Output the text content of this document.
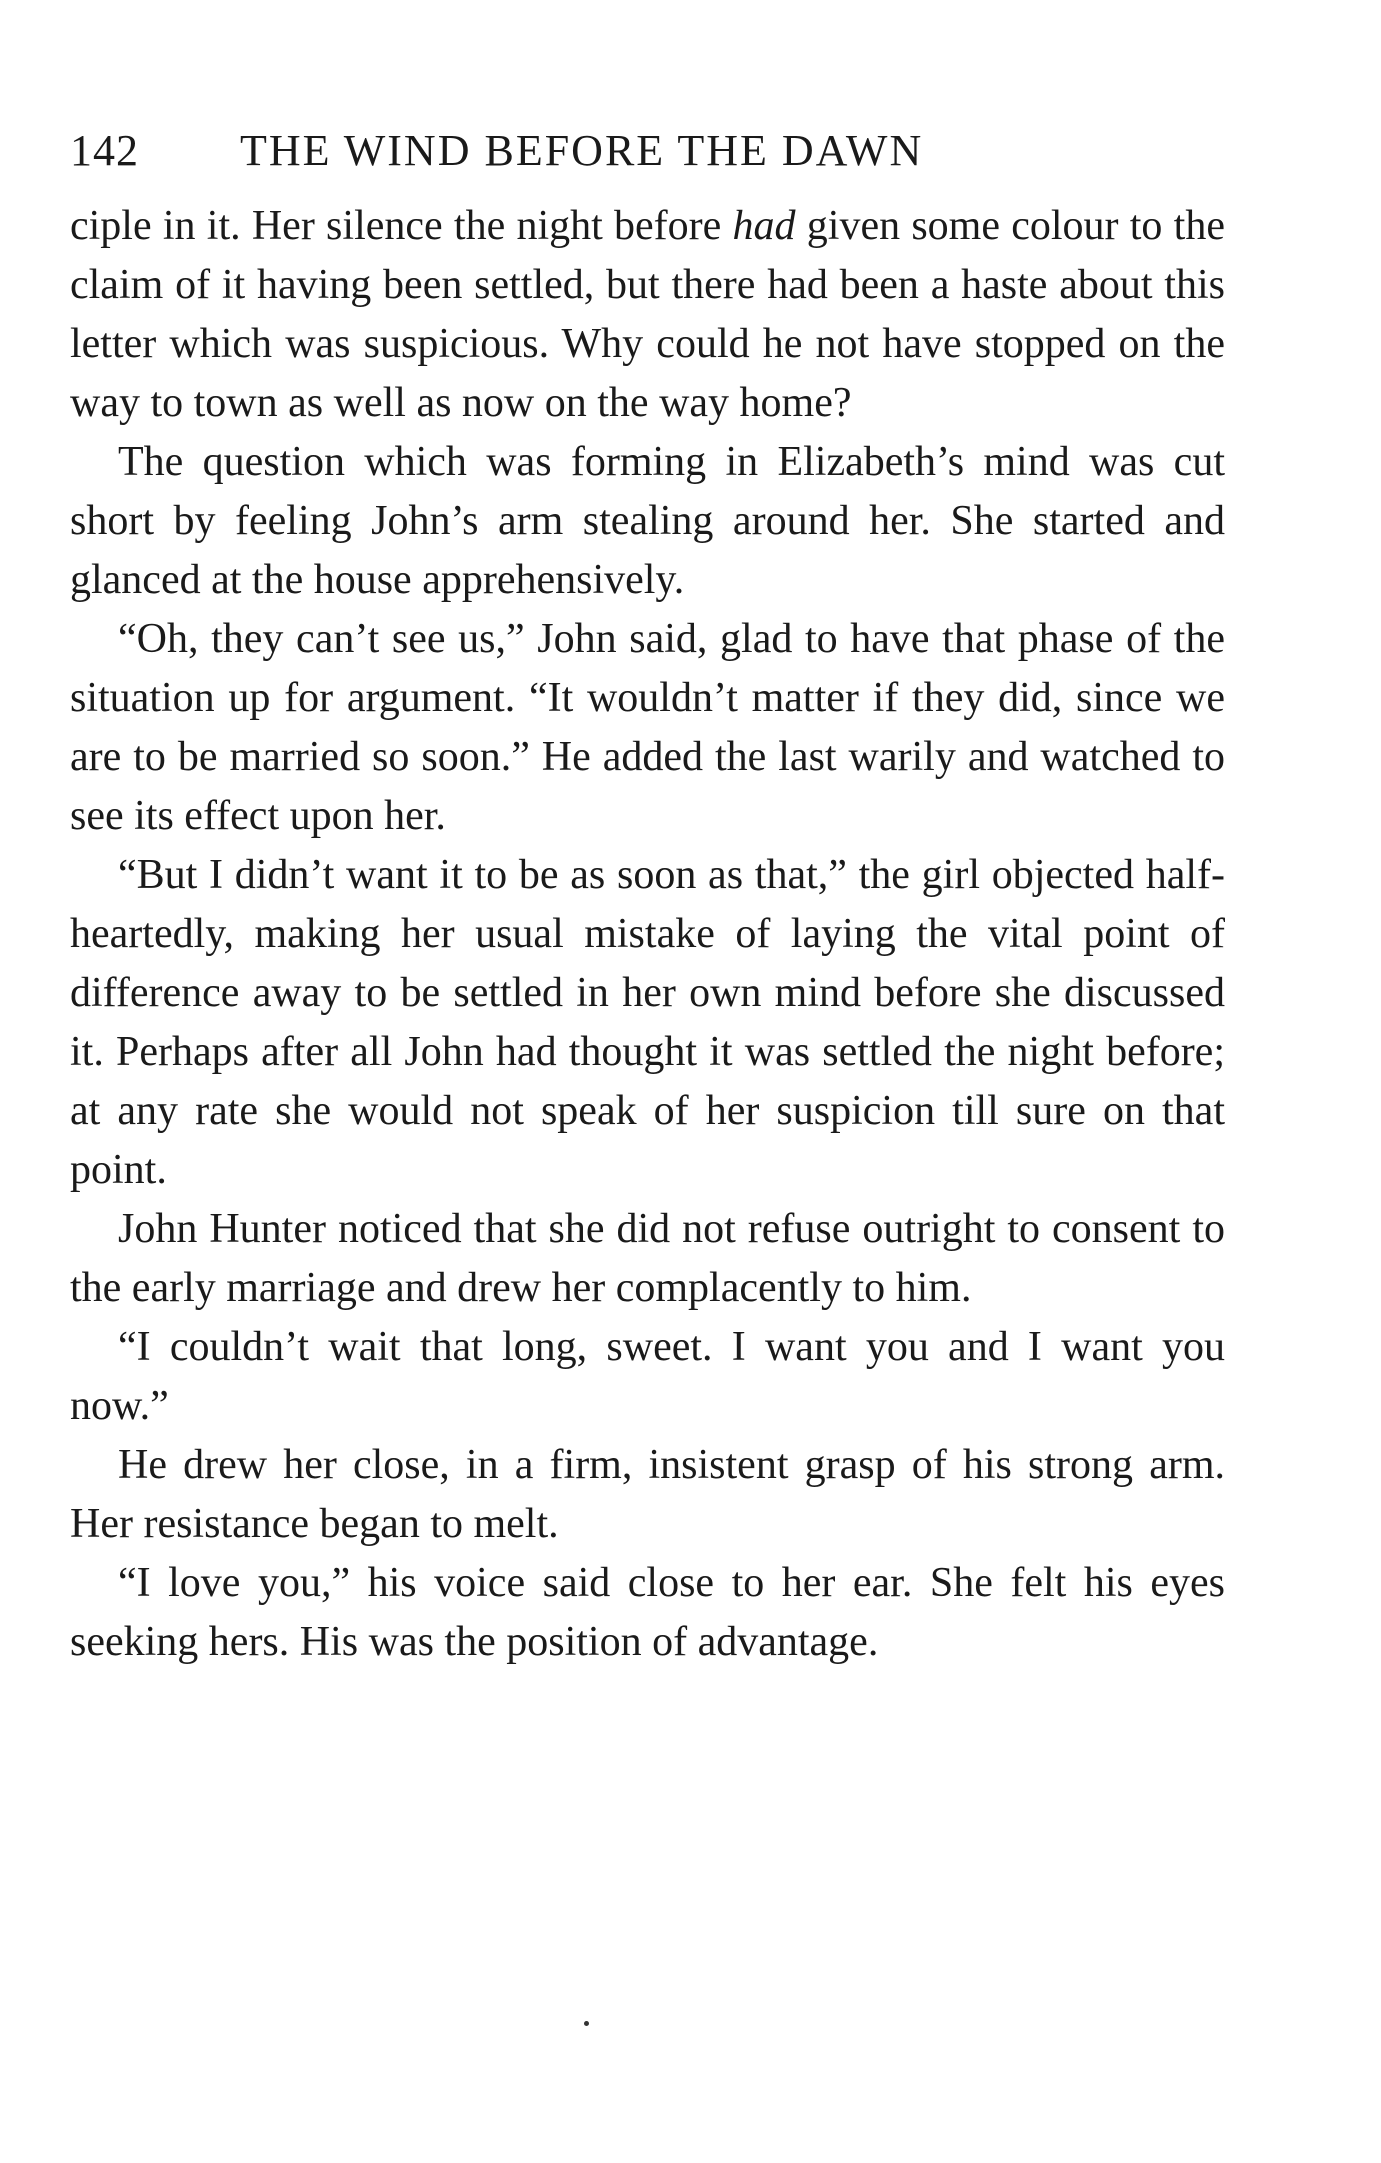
142	THE WIND BEFORE THE DAWN

ciple in it. Her silence the night before had given some colour to the claim of it having been settled, but there had been a haste about this letter which was suspicious. Why could he not have stopped on the way to town as well as now on the way home?

The question which was forming in Elizabeth’s mind was cut short by feeling John’s arm stealing around her. She started and glanced at the house apprehensively.

“Oh, they can’t see us,” John said, glad to have that phase of the situation up for argument. “It wouldn’t matter if they did, since we are to be married so soon.” He added the last warily and watched to see its effect upon her.

“But I didn’t want it to be as soon as that,” the girl objected half-heartedly, making her usual mistake of laying the vital point of difference away to be settled in her own mind before she discussed it. Perhaps after all John had thought it was settled the night before; at any rate she would not speak of her suspicion till sure on that point.

John Hunter noticed that she did not refuse outright to consent to the early marriage and drew her complacently to him.

“I couldn’t wait that long, sweet. I want you and I want you now.”

He drew her close, in a firm, insistent grasp of his strong arm. Her resistance began to melt.

“I love you,” his voice said close to her ear. She felt his eyes seeking hers. His was the position of advantage.
